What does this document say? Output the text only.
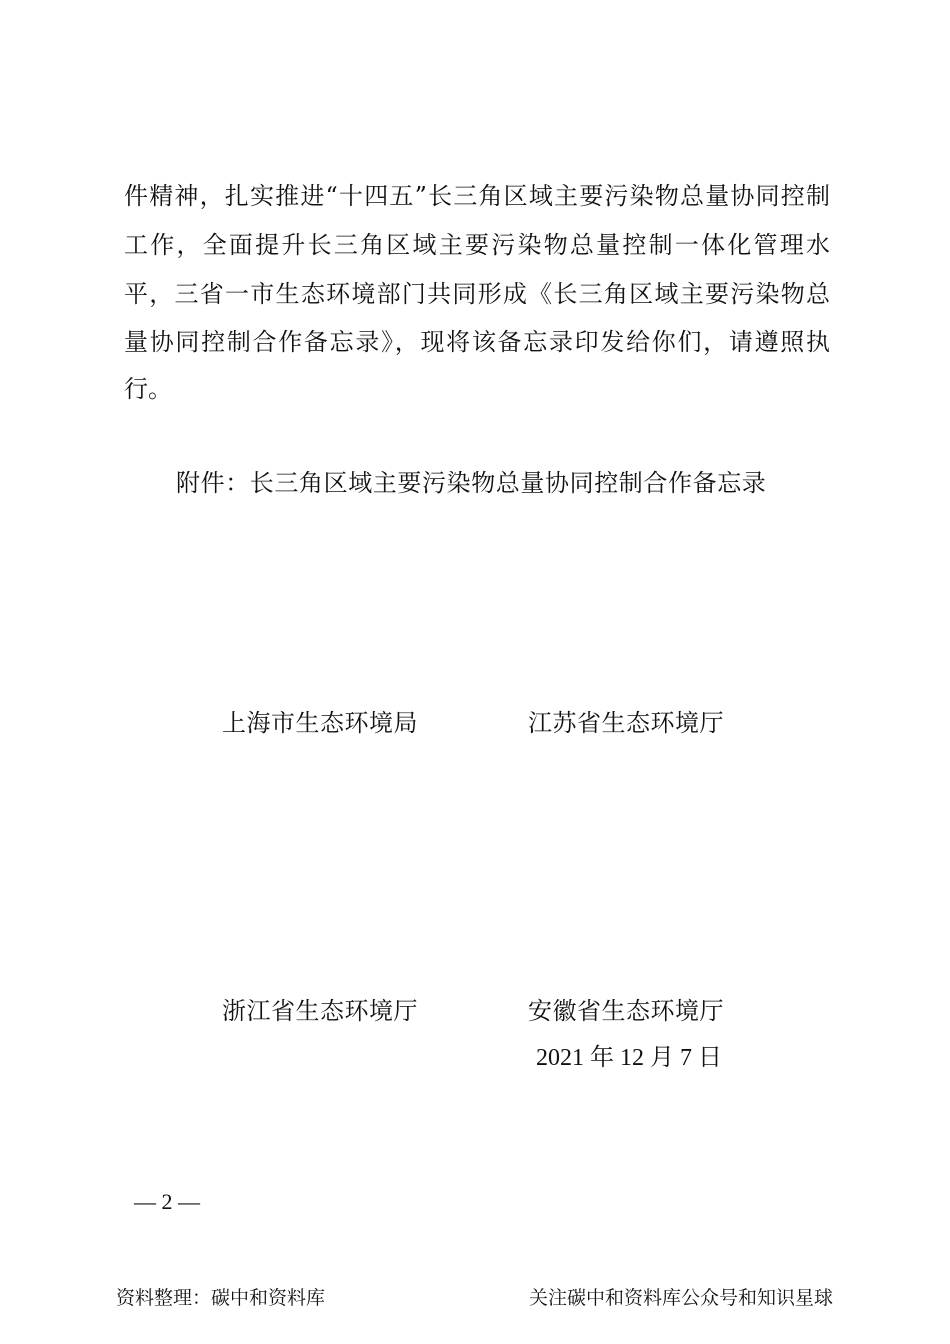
件精神，扎实推进“十四五”长三角区域主要污染物总量协同控制
工作，全面提升长三角区域主要污染物总量控制一体化管理水
平，三省一市生态环境部门共同形成《长三角区域主要污染物总
量协同控制合作备忘录》，现将该备忘录印发给你们，请遵照执
行。
附件：长三角区域主要污染物总量协同控制合作备忘录
上海市生态环境局	江苏省生态环境厅
浙江省生态环境厅	安徽省生态环境厅
2021 年 12 月 7 日
— 2 —
资料整理：碳中和资料库	关注碳中和资料库公众号和知识星球
